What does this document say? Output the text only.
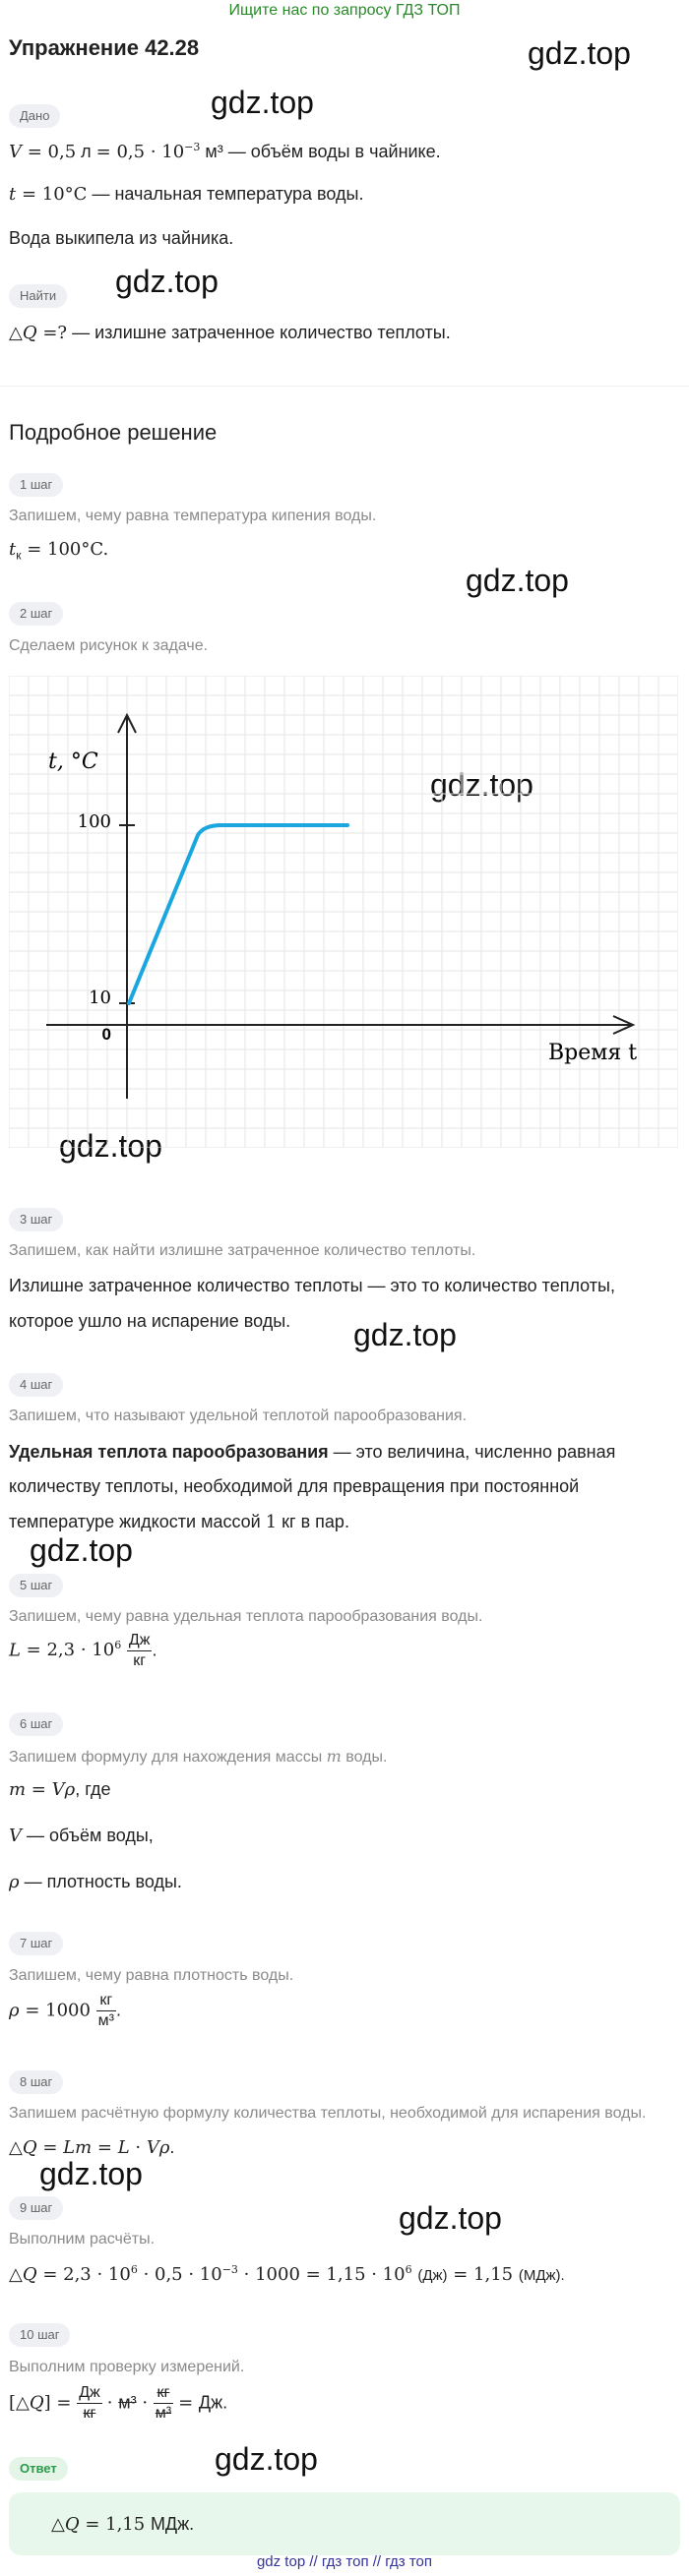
Ищите нас по запросу ГДЗ ТОП
Упражнение 42.28	gdz.top
gdz.top
gdz.top
gdz.top
gdz.top
gdz.top
gdz.top
gdz.top
gdz.top
gdz.top
gdz.top
Дано
V = 0,5 $л = 0,5 \cdot 10^{-3}$ м³ — объём воды в чайнике.
t = 10°C — начальная температура воды.
Вода выкипела из чайника.
Найти
△Q =? — излишне затраченное количество теплоты.
Подробное решение
1 шаг
Запишем, чему равна температура кипения воды.
$t_к = 100^\circ C$.
2 шаг
Сделаем рисунок к задаче.
t, °C
Время t
100
10
0
3 шаг
Запишем, как найти излишне затраченное количество теплоты.
Излишне затраченное количество теплоты — это то количество теплоты,
которое ушло на испарение воды.
4 шаг
Запишем, что называют удельной теплотой парообразования.
Удельная теплота парообразования — это величина, численно равная
количеству теплоты, необходимой для превращения при постоянной
температуре жидкости массой 1 кг в пар.
5 шаг
Запишем, чему равна удельная теплота парообразования воды.
$L = 2,3 \cdot 10^6 \frac{Дж}{кг}$ .
6 шаг
Запишем формулу для нахождения массы m воды.
m = Vρ, где
V — объём воды,
ρ — плотность воды.
7 шаг
Запишем, чему равна плотность воды.
$\rho = 1000 \frac{кг}{\text{м³}}$ .
8 шаг
Запишем расчётную формулу количества теплоты, необходимой для испарения воды.
△Q = Lm = L · Vρ.
9 шаг
Выполним расчёты.
△Q = $2,3 \cdot 10^6 \cdot 0,5 \cdot 10^{-3} \cdot 1000 = 1,15 \cdot 10^6$ (Дж) = 1,15 (МДж).
10 шаг
Выполним проверку измерений.
[△Q] = $\frac{Дж}{кг} \cdot м^3 \cdot \frac{кг}{\text{м³}}$ = Дж.
Ответ
△Q = 1,15 МДж.
gdz top // гдз топ // гдз топ
